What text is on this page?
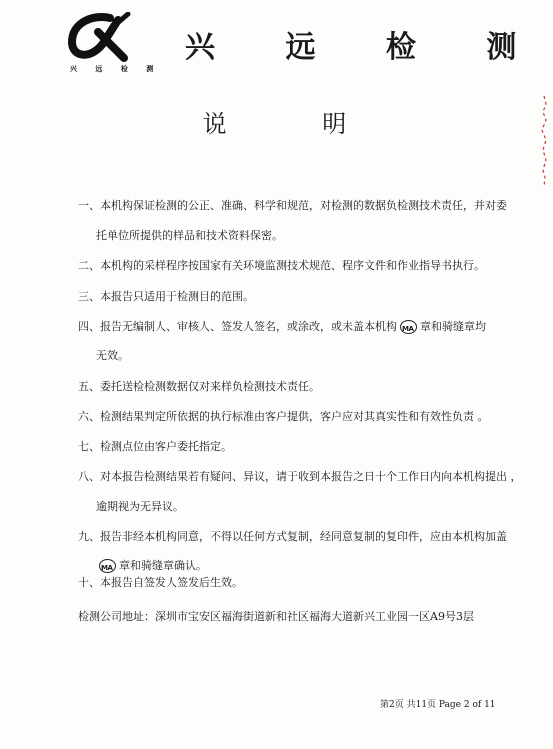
兴 远 检 测
兴 远 检 测
说 明
一、本机构保证检测的公正、准确、科学和规范，对检测的数据负检测技术责任，并对委
托单位所提供的样品和技术资料保密。
二、本机构的采样程序按国家有关环境监测技术规范、程序文件和作业指导书执行。
三、本报告只适用于检测目的范围。
四、报告无编制人、审核人、签发人签名，或涂改，或未盖本机构MA 章和骑缝章均
无效。
五、委托送检检测数据仅对来样负检测技术责任。
六、检测结果判定所依据的执行标准由客户提供，客户应对其真实性和有效性负责 。
七、检测点位由客户委托指定。
八、对本报告检测结果若有疑问、异议，请于收到本报告之日十个工作日内向本机构提出 ，
逾期视为无异议。
九、报告非经本机构同意，不得以任何方式复制，经同意复制的复印件，应由本机构加盖
MA章和骑缝章确认。
十、本报告自签发人签发后生效。
检测公司地址：深圳市宝安区福海街道新和社区福海大道新兴工业园一区A9号3层
第2页 共11页 Page 2 of 11
